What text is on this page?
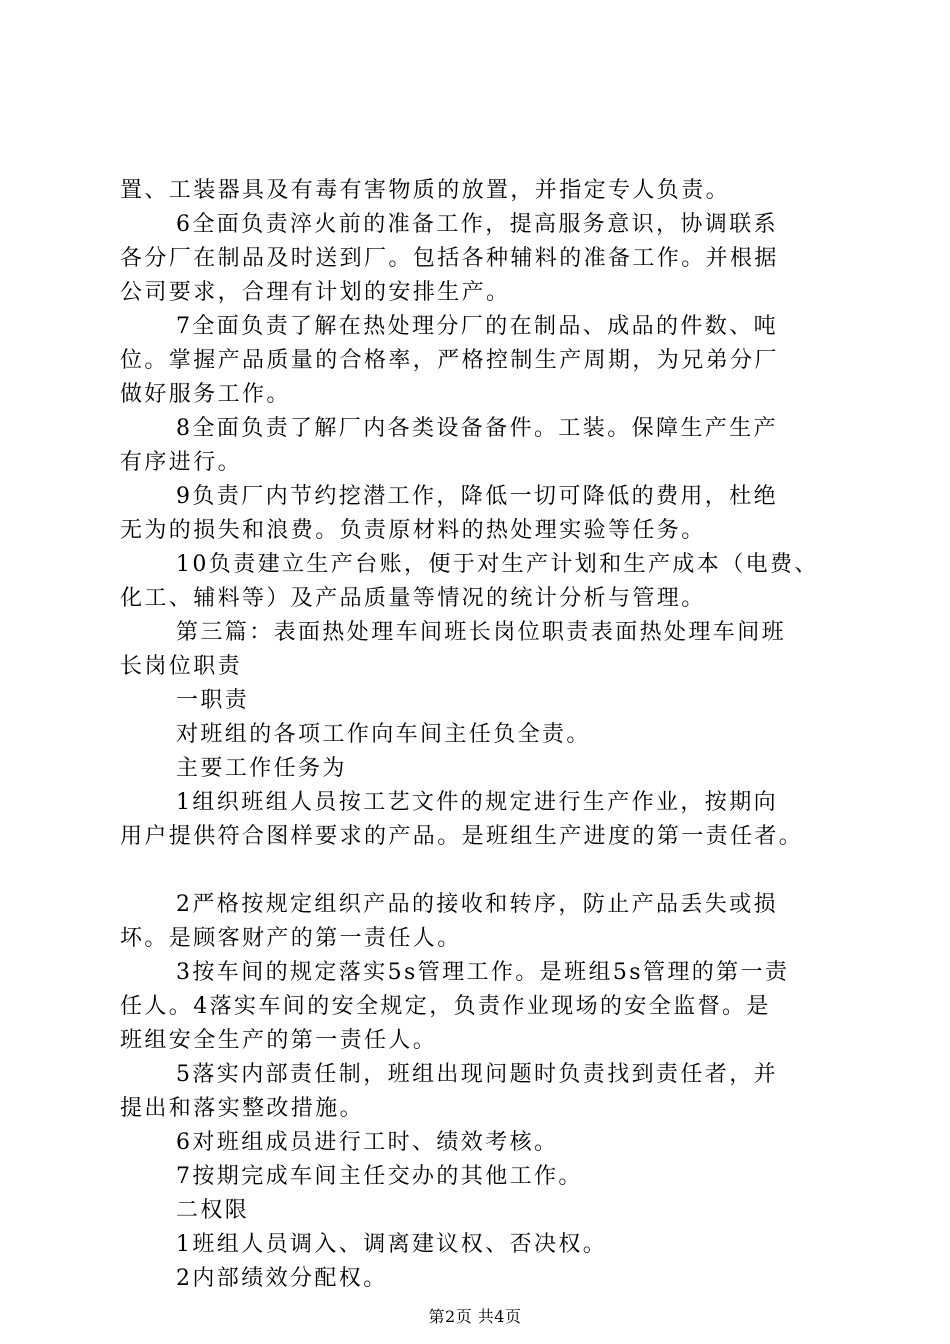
置、工装器具及有毒有害物质的放置，并指定专人负责。
6全面负责淬火前的准备工作，提高服务意识，协调联系
各分厂在制品及时送到厂。包括各种辅料的准备工作。并根据
公司要求，合理有计划的安排生产。
7全面负责了解在热处理分厂的在制品、成品的件数、吨
位。掌握产品质量的合格率，严格控制生产周期，为兄弟分厂
做好服务工作。
8全面负责了解厂内各类设备备件。工装。保障生产生产
有序进行。
9负责厂内节约挖潜工作，降低一切可降低的费用，杜绝
无为的损失和浪费。负责原材料的热处理实验等任务。
10负责建立生产台账，便于对生产计划和生产成本（电费、
化工、辅料等）及产品质量等情况的统计分析与管理。
第三篇：表面热处理车间班长岗位职责表面热处理车间班
长岗位职责
一职责
对班组的各项工作向车间主任负全责。
主要工作任务为
1组织班组人员按工艺文件的规定进行生产作业，按期向
用户提供符合图样要求的产品。是班组生产进度的第一责任者。
2严格按规定组织产品的接收和转序，防止产品丢失或损
坏。是顾客财产的第一责任人。
3按车间的规定落实5s管理工作。是班组5s管理的第一责
任人。4落实车间的安全规定，负责作业现场的安全监督。是
班组安全生产的第一责任人。
5落实内部责任制，班组出现问题时负责找到责任者，并
提出和落实整改措施。
6对班组成员进行工时、绩效考核。
7按期完成车间主任交办的其他工作。
二权限
1班组人员调入、调离建议权、否决权。
2内部绩效分配权。
第2页 共4页
